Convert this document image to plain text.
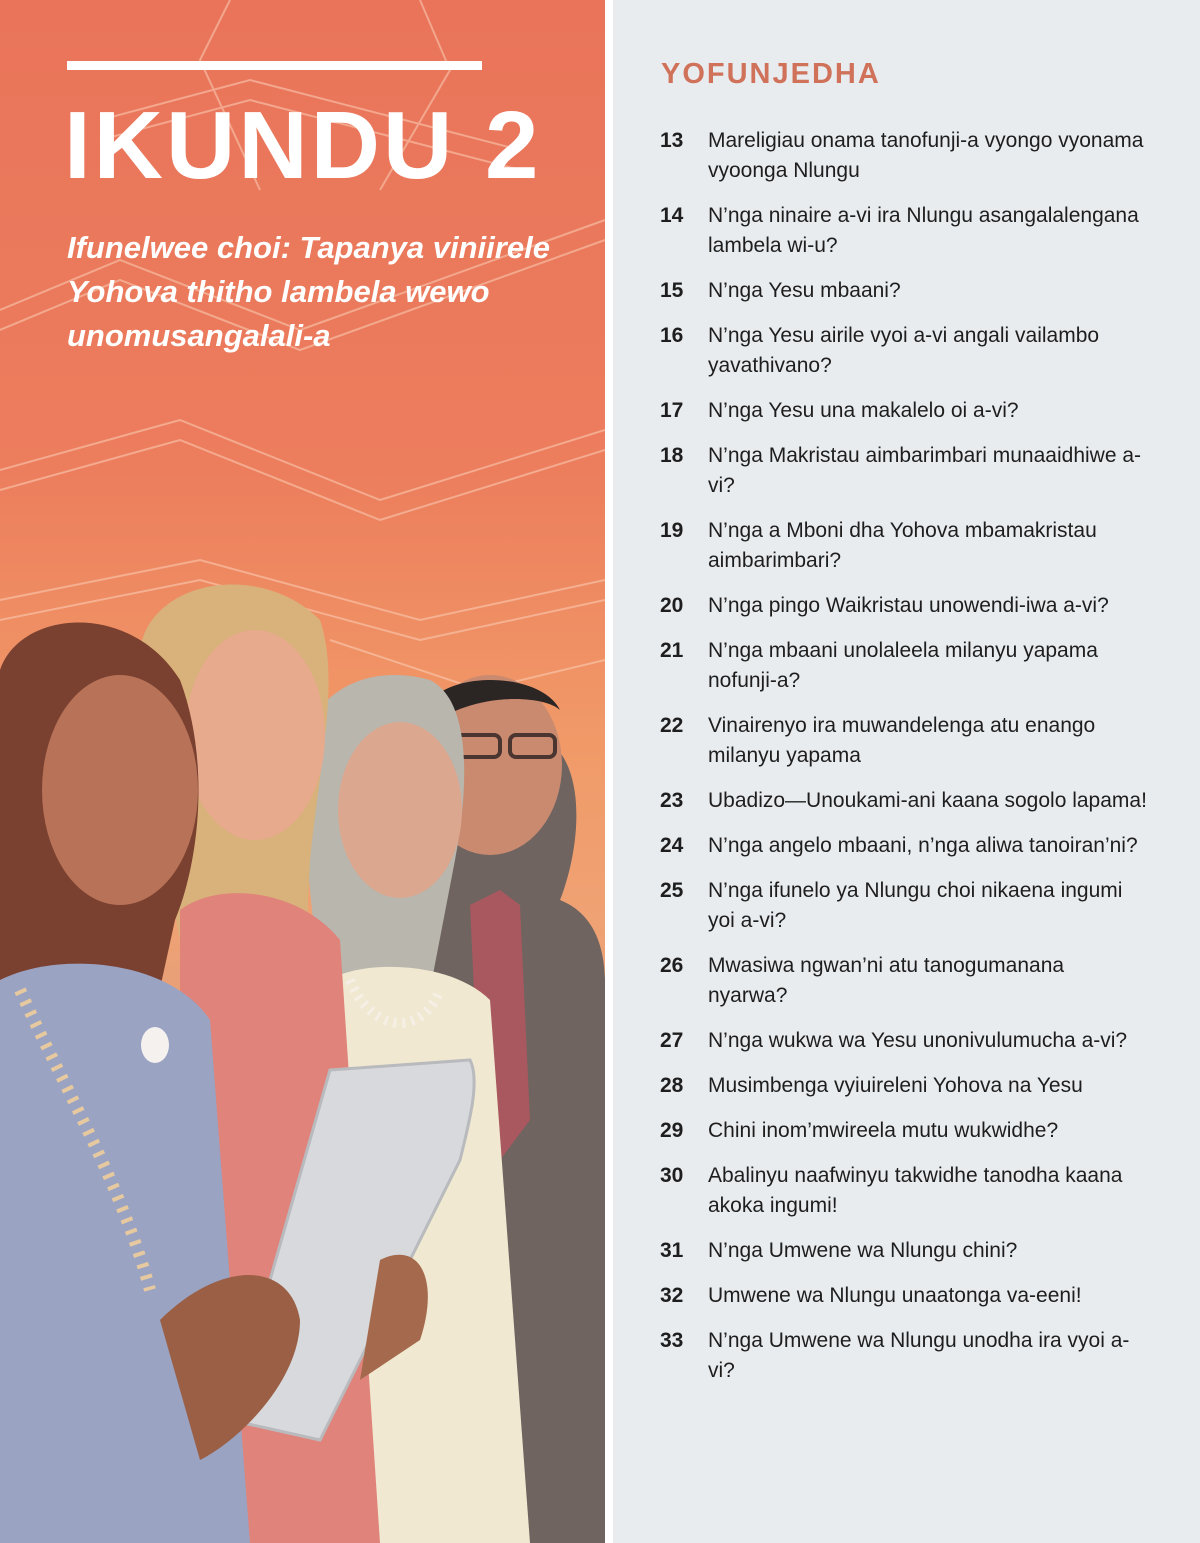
IKUNDU 2

Ifunelwee choi: Tapanya viniirele Yohova thitho lambela wewo unomusangalali-a

YOFUNJEDHA
13	Mareligiau onama tanofunji-a vyongo vyonama vyoonga Nlungu
14	N’nga ninaire a-vi ira Nlungu asangalalengana lambela wi-u?
15	N’nga Yesu mbaani?
16	N’nga Yesu airile vyoi a-vi angali vailambo yavathivano?
17	N’nga Yesu una makalelo oi a-vi?
18	N’nga Makristau aimbarimbari munaaidhiwe a-vi?
19	N’nga a Mboni dha Yohova mbamakristau aimbarimbari?
20	N’nga pingo Waikristau unowendi-iwa a-vi?
21	N’nga mbaani unolaleela milanyu yapama nofunji-a?
22	Vinairenyo ira muwandelenga atu enango milanyu yapama
23	Ubadizo—Unoukami-ani kaana sogolo lapama!
24	N’nga angelo mbaani, n’nga aliwa tanoiran’ni?
25	N’nga ifunelo ya Nlungu choi nikaena ingumi yoi a-vi?
26	Mwasiwa ngwan’ni atu tanogumanana nyarwa?
27	N’nga wukwa wa Yesu unonivulumucha a-vi?
28	Musimbenga vyiuireleni Yohova na Yesu
29	Chini inom’mwireela mutu wukwidhe?
30	Abalinyu naafwinyu takwidhe tanodha kaana akoka ingumi!
31	N’nga Umwene wa Nlungu chini?
32	Umwene wa Nlungu unaatonga va-eeni!
33	N’nga Umwene wa Nlungu unodha ira vyoi a-vi?
